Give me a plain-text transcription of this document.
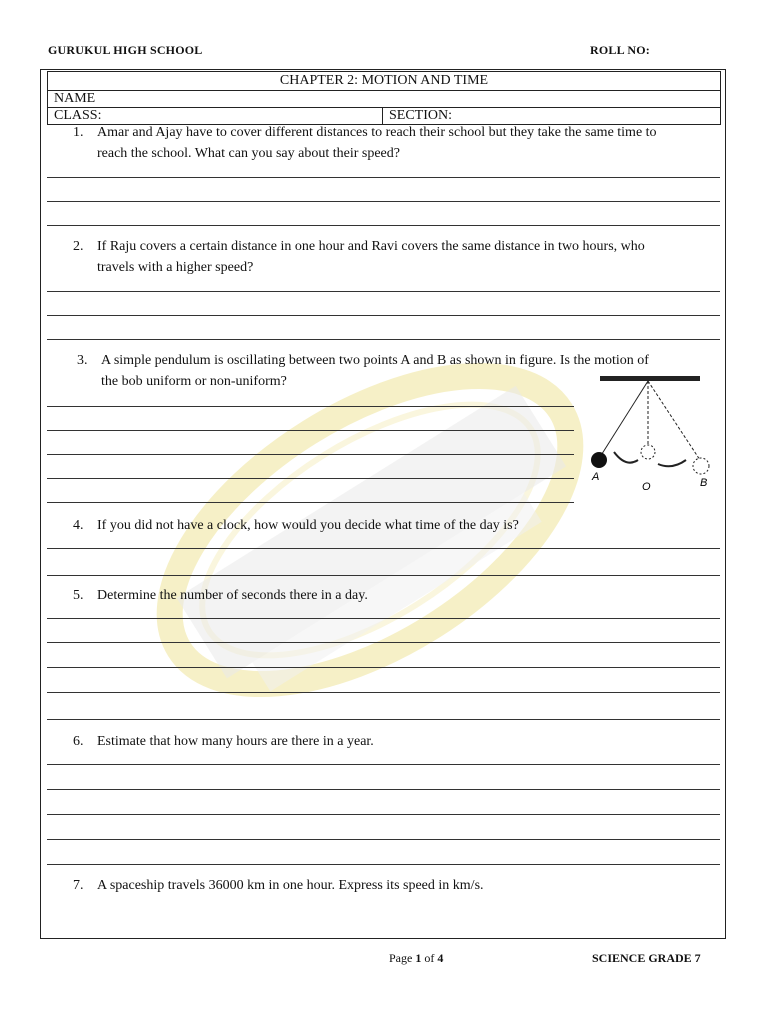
GURUKUL HIGH SCHOOL	ROLL NO:
CHAPTER 2: MOTION AND TIME
NAME
CLASS:	SECTION:
1. Amar and Ajay have to cover different distances to reach their school but they take the same time to
reach the school. What can you say about their speed?
2. If Raju covers a certain distance in one hour and Ravi covers the same distance in two hours, who
travels with a higher speed?
3. A simple pendulum is oscillating between two points A and B as shown in figure. Is the motion of
the bob uniform or non-uniform?
A
O	B
4. If you did not have a clock, how would you decide what time of the day is?
5. Determine the number of seconds there in a day.
6. Estimate that how many hours are there in a year.
7. A spaceship travels 36000 km in one hour. Express its speed in km/s.
Page 1 of 4	SCIENCE GRADE 7
